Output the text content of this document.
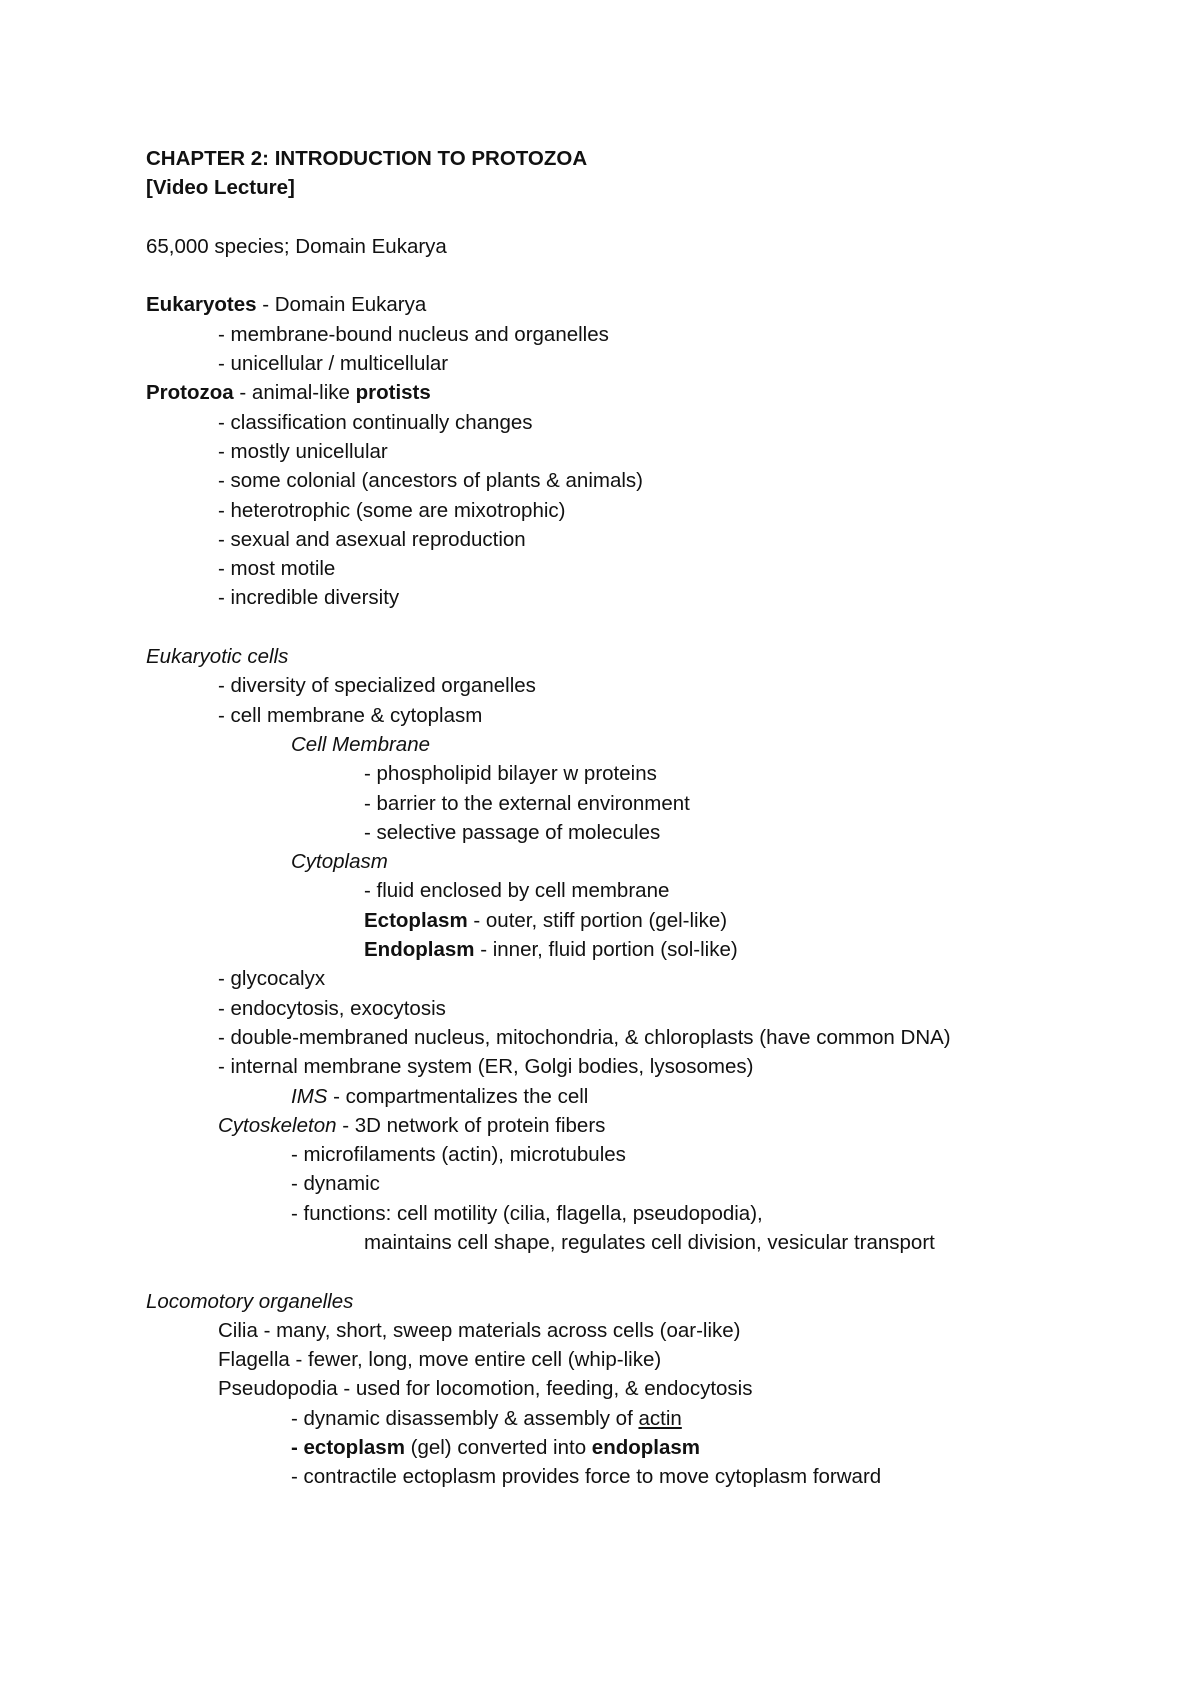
CHAPTER 2: INTRODUCTION TO PROTOZOA
[Video Lecture]
65,000 species; Domain Eukarya
Eukaryotes - Domain Eukarya
- membrane-bound nucleus and organelles
- unicellular / multicellular
Protozoa - animal-like protists
- classification continually changes
- mostly unicellular
- some colonial (ancestors of plants & animals)
- heterotrophic (some are mixotrophic)
- sexual and asexual reproduction
- most motile
- incredible diversity
Eukaryotic cells
- diversity of specialized organelles
- cell membrane & cytoplasm
Cell Membrane
- phospholipid bilayer w proteins
- barrier to the external environment
- selective passage of molecules
Cytoplasm
- fluid enclosed by cell membrane
Ectoplasm - outer, stiff portion (gel-like)
Endoplasm - inner, fluid portion (sol-like)
- glycocalyx
- endocytosis, exocytosis
- double-membraned nucleus, mitochondria, & chloroplasts (have common DNA)
- internal membrane system (ER, Golgi bodies, lysosomes)
IMS - compartmentalizes the cell
Cytoskeleton - 3D network of protein fibers
- microfilaments (actin), microtubules
- dynamic
- functions: cell motility (cilia, flagella, pseudopodia),
maintains cell shape, regulates cell division, vesicular transport
Locomotory organelles
Cilia - many, short, sweep materials across cells (oar-like)
Flagella - fewer, long, move entire cell (whip-like)
Pseudopodia - used for locomotion, feeding, & endocytosis
- dynamic disassembly & assembly of actin
- ectoplasm (gel) converted into endoplasm
- contractile ectoplasm provides force to move cytoplasm forward
